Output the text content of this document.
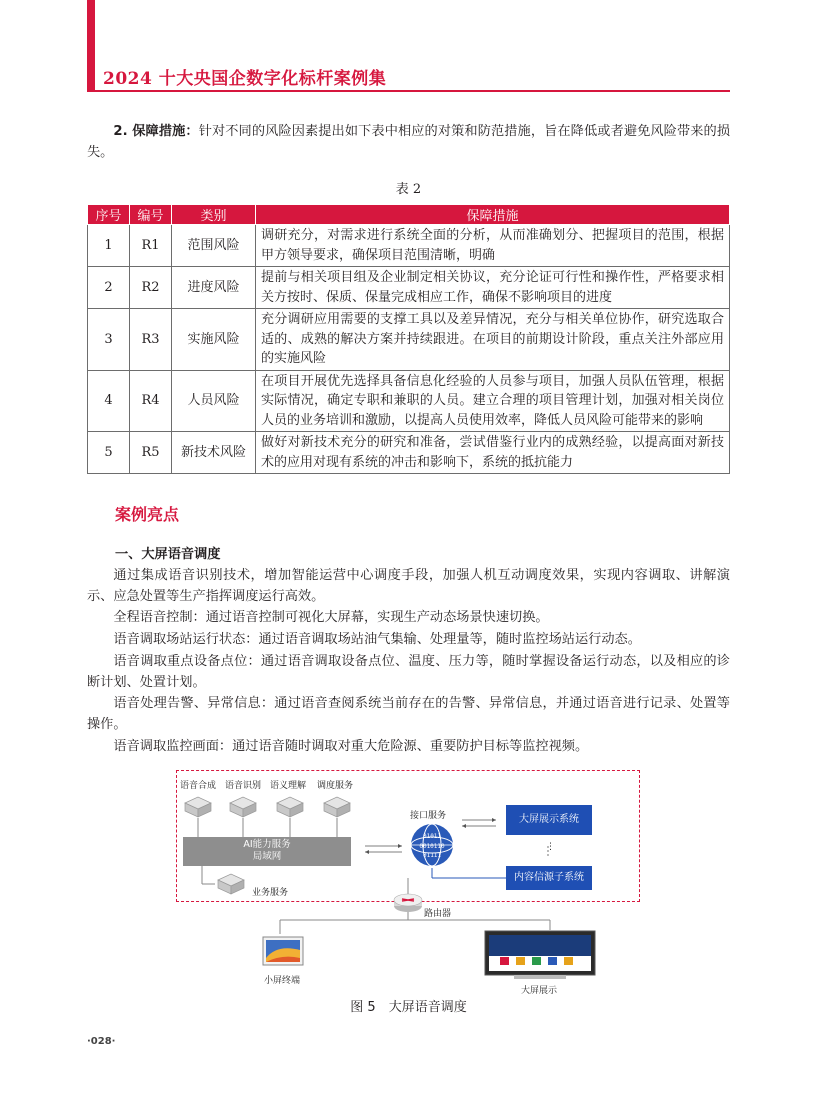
2024 十大央国企数字化标杆案例集
2. 保障措施：针对不同的风险因素提出如下表中相应的对策和防范措施，旨在降低或者避免风险带来的损失。
表 2
序号	编号	类别	保障措施
1	R1	范围风险	调研充分，对需求进行系统全面的分析，从而准确划分、把握项目的范围，根据甲方领导要求，确保项目范围清晰，明确
2	R2	进度风险	提前与相关项目组及企业制定相关协议，充分论证可行性和操作性，严格要求相关方按时、保质、保量完成相应工作，确保不影响项目的进度
3	R3	实施风险	充分调研应用需要的支撑工具以及差异情况，充分与相关单位协作，研究选取合适的、成熟的解决方案并持续跟进。在项目的前期设计阶段，重点关注外部应用的实施风险
4	R4	人员风险	在项目开展优先选择具备信息化经验的人员参与项目，加强人员队伍管理，根据实际情况，确定专职和兼职的人员。建立合理的项目管理计划，加强对相关岗位人员的业务培训和激励，以提高人员使用效率，降低人员风险可能带来的影响
5	R5	新技术风险	做好对新技术充分的研究和准备，尝试借鉴行业内的成熟经验，以提高面对新技术的应用对现有系统的冲击和影响下，系统的抵抗能力
案例亮点
一、大屏语音调度
通过集成语音识别技术，增加智能运营中心调度手段，加强人机互动调度效果，实现内容调取、讲解演示、应急处置等生产指挥调度运行高效。
全程语音控制：通过语音控制可视化大屏幕，实现生产动态场景快速切换。
语音调取场站运行状态：通过语音调取场站油气集输、处理量等，随时监控场站运行动态。
语音调取重点设备点位：通过语音调取设备点位、温度、压力等，随时掌握设备运行动态，以及相应的诊断计划、处置计划。
语音处理告警、异常信息：通过语音查阅系统当前存在的告警、异常信息，并通过语音进行记录、处置等操作。
语音调取监控画面：通过语音随时调取对重大危险源、重要防护目标等监控视频。
语音合成 语音识别 语义理解 调度服务
AI能力服务
局域网
业务服务
接口服务
01011
0010110
01111
大屏展示系统
⋮
内容信源子系统
路由器
小屏终端
大屏展示
图 5　大屏语音调度
·028·
